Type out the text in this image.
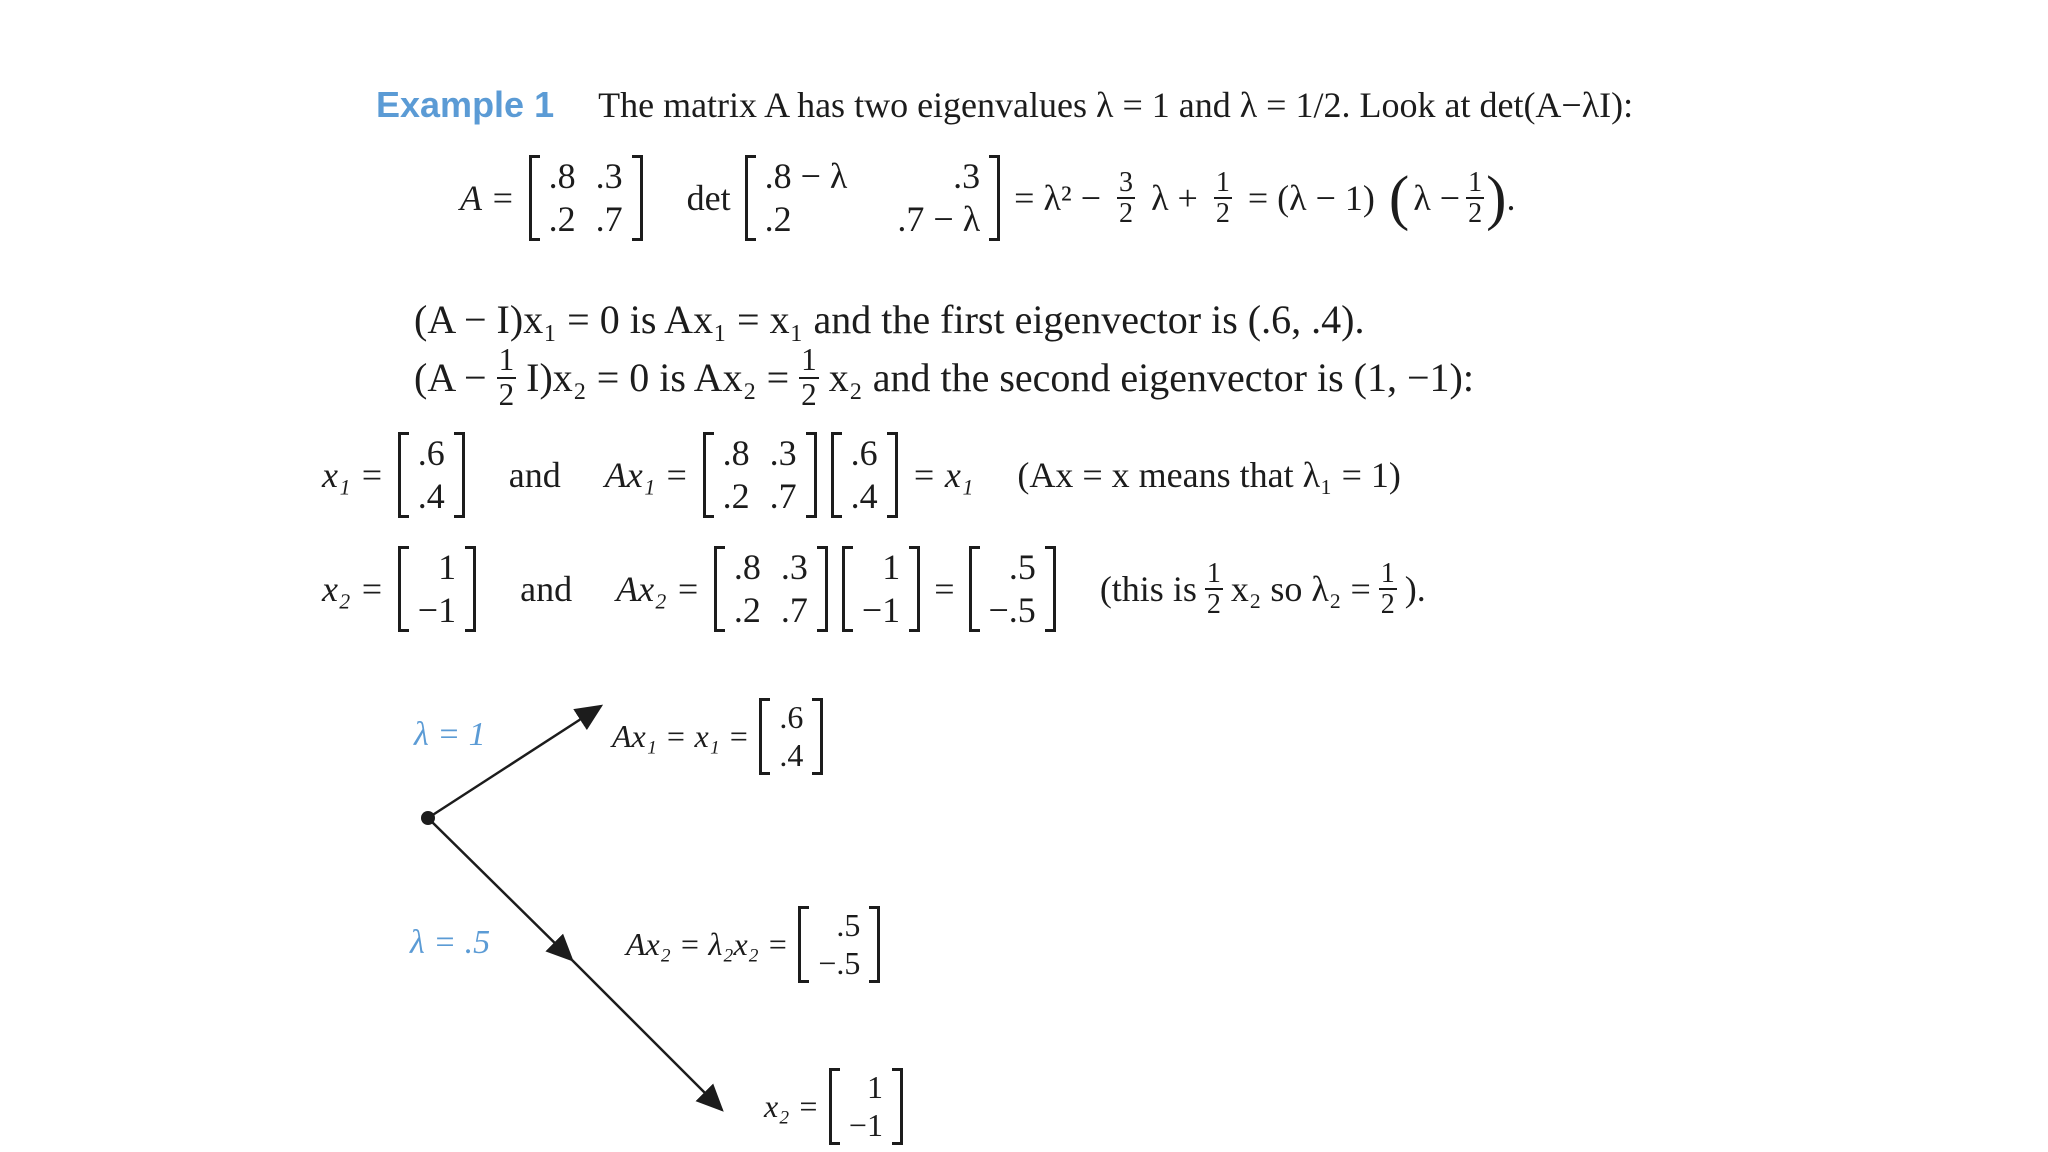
Example 1 The matrix A has two eigenvalues λ = 1 and λ = 1/2. Look at det(A−λI):
A =
.8	.3
.2	.7
det
.8 − λ	.3
.2	.7 − λ
= $\lambda^2 - \frac{3}{2}$ $\lambda + \frac{1}{2} = (\lambda - 1)$ ( $\lambda - \frac{1}{2}$ ) .
(A − I)x₁ = 0 is Ax₁ = x₁ and the first eigenvector is (.6, .4).
$(A - \frac{1}{2} I)x_2 = 0$ is $Ax_2 = \frac{1}{2} x_2$ and the second eigenvector is (1, −1):
x₁ =
.6
.4
and Ax₁ =
.8	.3
.2	.7
.6
.4
= x₁ (Ax = x means that λ₁ = 1)
x₂ =
1
−1
and Ax₂ =
.8	.3
.2	.7
1
−1
=
.5
−.5
(this is $\frac{1}{2} x_2$ so $\lambda_2 = \frac{1}{2}$ ).
λ = 1
λ = .5
Ax₁ = x₁ =
.6
.4
Ax₂ = λ₂x₂ =
.5
−.5
x₂ =
1
−1
